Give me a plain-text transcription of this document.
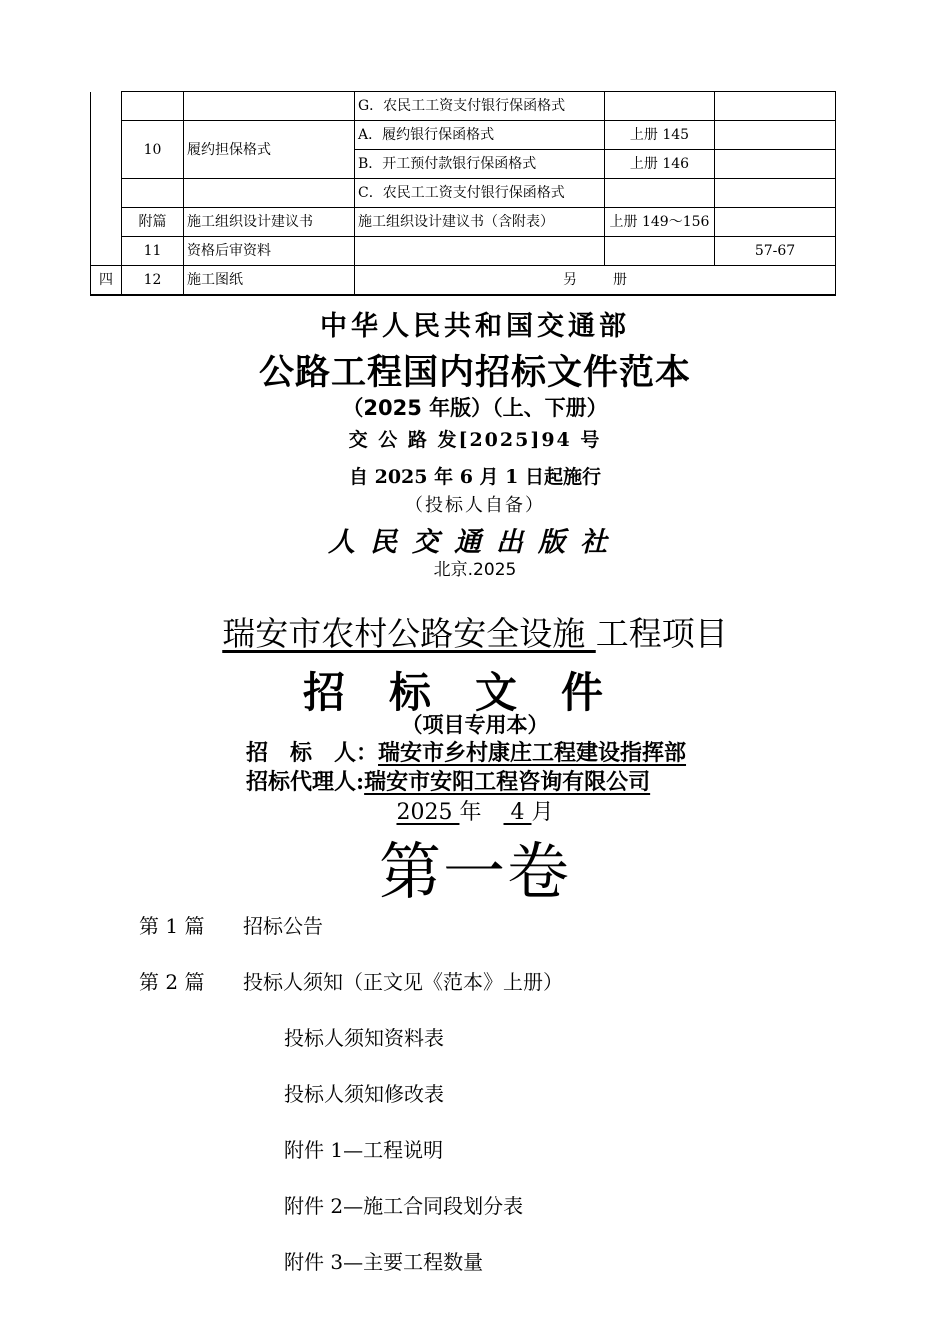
			G．农民工工资支付银行保函格式		
	10	履约担保格式	A．履约银行保函格式	上册 145	
			B．开工预付款银行保函格式	上册 146	
			C．农民工工资支付银行保函格式		
	附篇	施工组织设计建议书	施工组织设计建议书（含附表）	上册 149～156	
	11	资格后审资料			57-67
四	12	施工图纸	另 册		
中华人民共和国交通部
公路工程国内招标文件范本
（2025 年版）（上、下册）
交 公 路 发[2025]94 号
自 2025 年 6 月 1 日起施行
（投标人自备）
人民交通出版社
北京.2025
瑞安市农村公路安全设施 工程项目
招标文件
（项目专用本）
招　标　人：瑞安市乡村康庄工程建设指挥部
招标代理人:瑞安市安阳工程咨询有限公司
2025 年　 4 月
第一卷
第 1 篇 招标公告
第 2 篇 投标人须知（正文见《范本》上册）
投标人须知资料表
投标人须知修改表
附件 1—工程说明
附件 2—施工合同段划分表
附件 3—主要工程数量
